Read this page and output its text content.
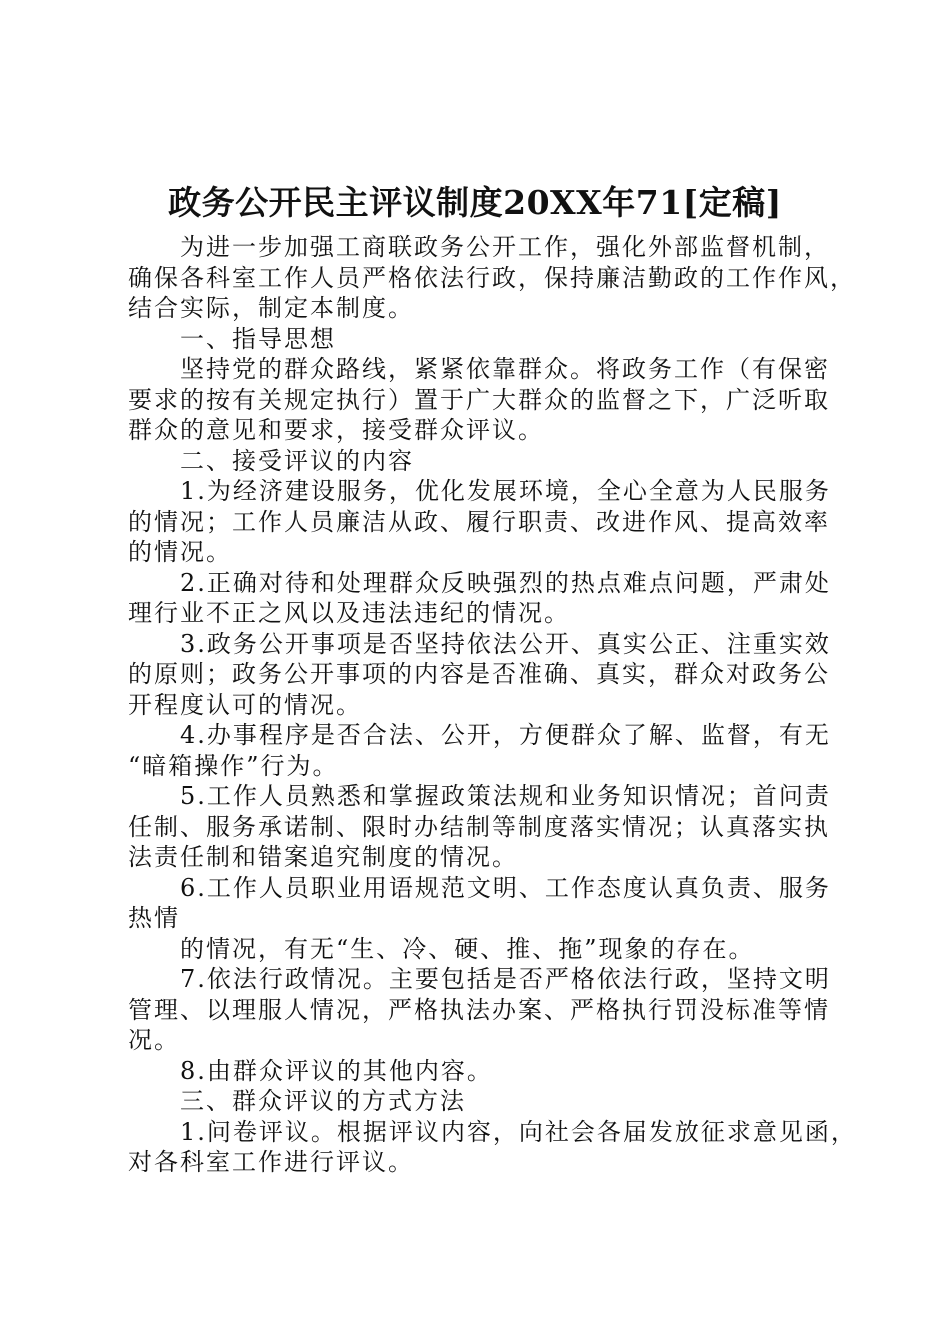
政务公开民主评议制度20XX年71[定稿]
为进一步加强工商联政务公开工作，强化外部监督机制，
确保各科室工作人员严格依法行政，保持廉洁勤政的工作作风，
结合实际，制定本制度。
一、指导思想
坚持党的群众路线，紧紧依靠群众。将政务工作（有保密
要求的按有关规定执行）置于广大群众的监督之下，广泛听取
群众的意见和要求，接受群众评议。
二、接受评议的内容
1.为经济建设服务，优化发展环境，全心全意为人民服务
的情况；工作人员廉洁从政、履行职责、改进作风、提高效率
的情况。
2.正确对待和处理群众反映强烈的热点难点问题，严肃处
理行业不正之风以及违法违纪的情况。
3.政务公开事项是否坚持依法公开、真实公正、注重实效
的原则；政务公开事项的内容是否准确、真实，群众对政务公
开程度认可的情况。
4.办事程序是否合法、公开，方便群众了解、监督，有无
“暗箱操作”行为。
5.工作人员熟悉和掌握政策法规和业务知识情况；首问责
任制、服务承诺制、限时办结制等制度落实情况；认真落实执
法责任制和错案追究制度的情况。
6.工作人员职业用语规范文明、工作态度认真负责、服务
热情
的情况，有无“生、冷、硬、推、拖”现象的存在。
7.依法行政情况。主要包括是否严格依法行政，坚持文明
管理、以理服人情况，严格执法办案、严格执行罚没标准等情
况。
8.由群众评议的其他内容。
三、群众评议的方式方法
1.问卷评议。根据评议内容，向社会各届发放征求意见函，
对各科室工作进行评议。
